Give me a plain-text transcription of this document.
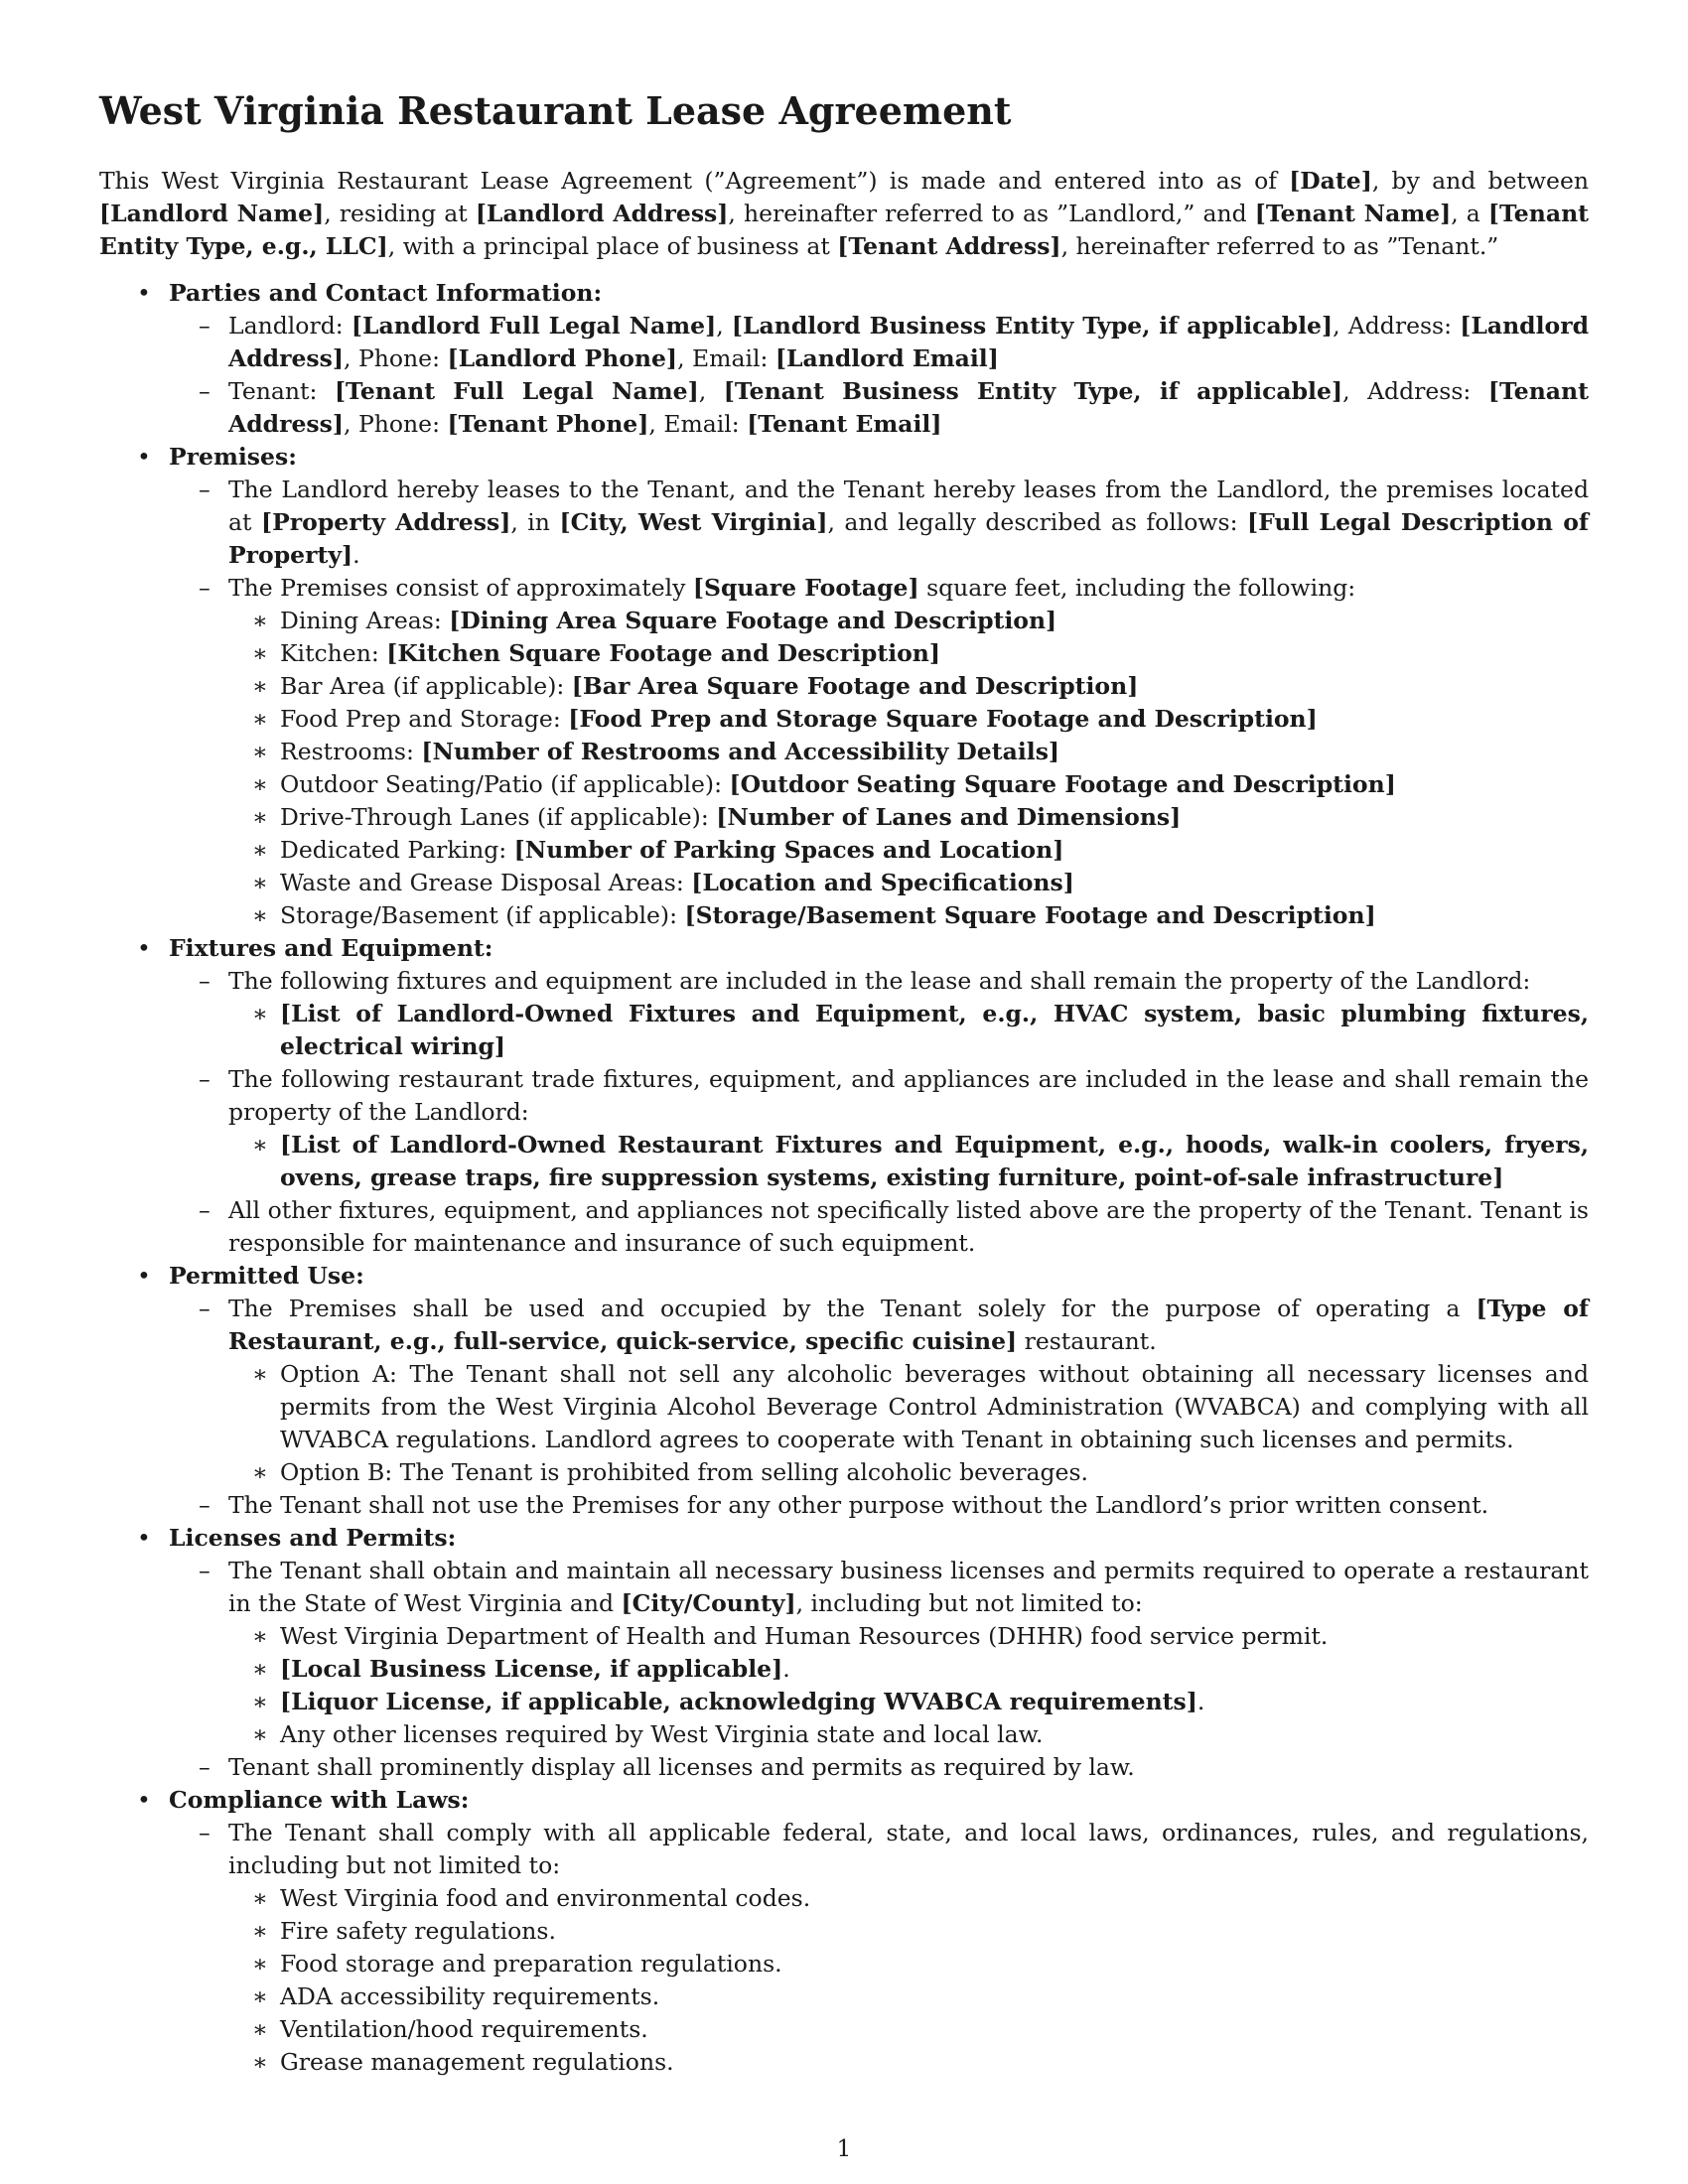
West Virginia Restaurant Lease Agreement

This West Virginia Restaurant Lease Agreement (”Agreement”) is made and entered into as of [Date], by and between [Landlord Name], residing at [Landlord Address], hereinafter referred to as ”Landlord,” and [Tenant Name], a [Tenant Entity Type, e.g., LLC], with a principal place of business at [Tenant Address], hereinafter referred to as ”Tenant.”

• Parties and Contact Information:
– Landlord: [Landlord Full Legal Name], [Landlord Business Entity Type, if applicable], Address: [Landlord Address], Phone: [Landlord Phone], Email: [Landlord Email]
– Tenant: [Tenant Full Legal Name], [Tenant Business Entity Type, if applicable], Address: [Tenant Address], Phone: [Tenant Phone], Email: [Tenant Email]
• Premises:
– The Landlord hereby leases to the Tenant, and the Tenant hereby leases from the Landlord, the premises located at [Property Address], in [City, West Virginia], and legally described as follows: [Full Legal Description of Property].
– The Premises consist of approximately [Square Footage] square feet, including the following:
∗ Dining Areas: [Dining Area Square Footage and Description]
∗ Kitchen: [Kitchen Square Footage and Description]
∗ Bar Area (if applicable): [Bar Area Square Footage and Description]
∗ Food Prep and Storage: [Food Prep and Storage Square Footage and Description]
∗ Restrooms: [Number of Restrooms and Accessibility Details]
∗ Outdoor Seating/Patio (if applicable): [Outdoor Seating Square Footage and Description]
∗ Drive-Through Lanes (if applicable): [Number of Lanes and Dimensions]
∗ Dedicated Parking: [Number of Parking Spaces and Location]
∗ Waste and Grease Disposal Areas: [Location and Specifications]
∗ Storage/Basement (if applicable): [Storage/Basement Square Footage and Description]
• Fixtures and Equipment:
– The following fixtures and equipment are included in the lease and shall remain the property of the Landlord:
∗ [List of Landlord-Owned Fixtures and Equipment, e.g., HVAC system, basic plumbing fixtures, electrical wiring]
– The following restaurant trade fixtures, equipment, and appliances are included in the lease and shall remain the property of the Landlord:
∗ [List of Landlord-Owned Restaurant Fixtures and Equipment, e.g., hoods, walk-in coolers, fryers, ovens, grease traps, fire suppression systems, existing furniture, point-of-sale infrastructure]
– All other fixtures, equipment, and appliances not specifically listed above are the property of the Tenant. Tenant is responsible for maintenance and insurance of such equipment.
• Permitted Use:
– The Premises shall be used and occupied by the Tenant solely for the purpose of operating a [Type of Restaurant, e.g., full-service, quick-service, specific cuisine] restaurant.
∗ Option A: The Tenant shall not sell any alcoholic beverages without obtaining all necessary licenses and permits from the West Virginia Alcohol Beverage Control Administration (WVABCA) and complying with all WVABCA regulations. Landlord agrees to cooperate with Tenant in obtaining such licenses and permits.
∗ Option B: The Tenant is prohibited from selling alcoholic beverages.
– The Tenant shall not use the Premises for any other purpose without the Landlord’s prior written consent.
• Licenses and Permits:
– The Tenant shall obtain and maintain all necessary business licenses and permits required to operate a restaurant in the State of West Virginia and [City/County], including but not limited to:
∗ West Virginia Department of Health and Human Resources (DHHR) food service permit.
∗ [Local Business License, if applicable].
∗ [Liquor License, if applicable, acknowledging WVABCA requirements].
∗ Any other licenses required by West Virginia state and local law.
– Tenant shall prominently display all licenses and permits as required by law.
• Compliance with Laws:
– The Tenant shall comply with all applicable federal, state, and local laws, ordinances, rules, and regulations, including but not limited to:
∗ West Virginia food and environmental codes.
∗ Fire safety regulations.
∗ Food storage and preparation regulations.
∗ ADA accessibility requirements.
∗ Ventilation/hood requirements.
∗ Grease management regulations.
1
